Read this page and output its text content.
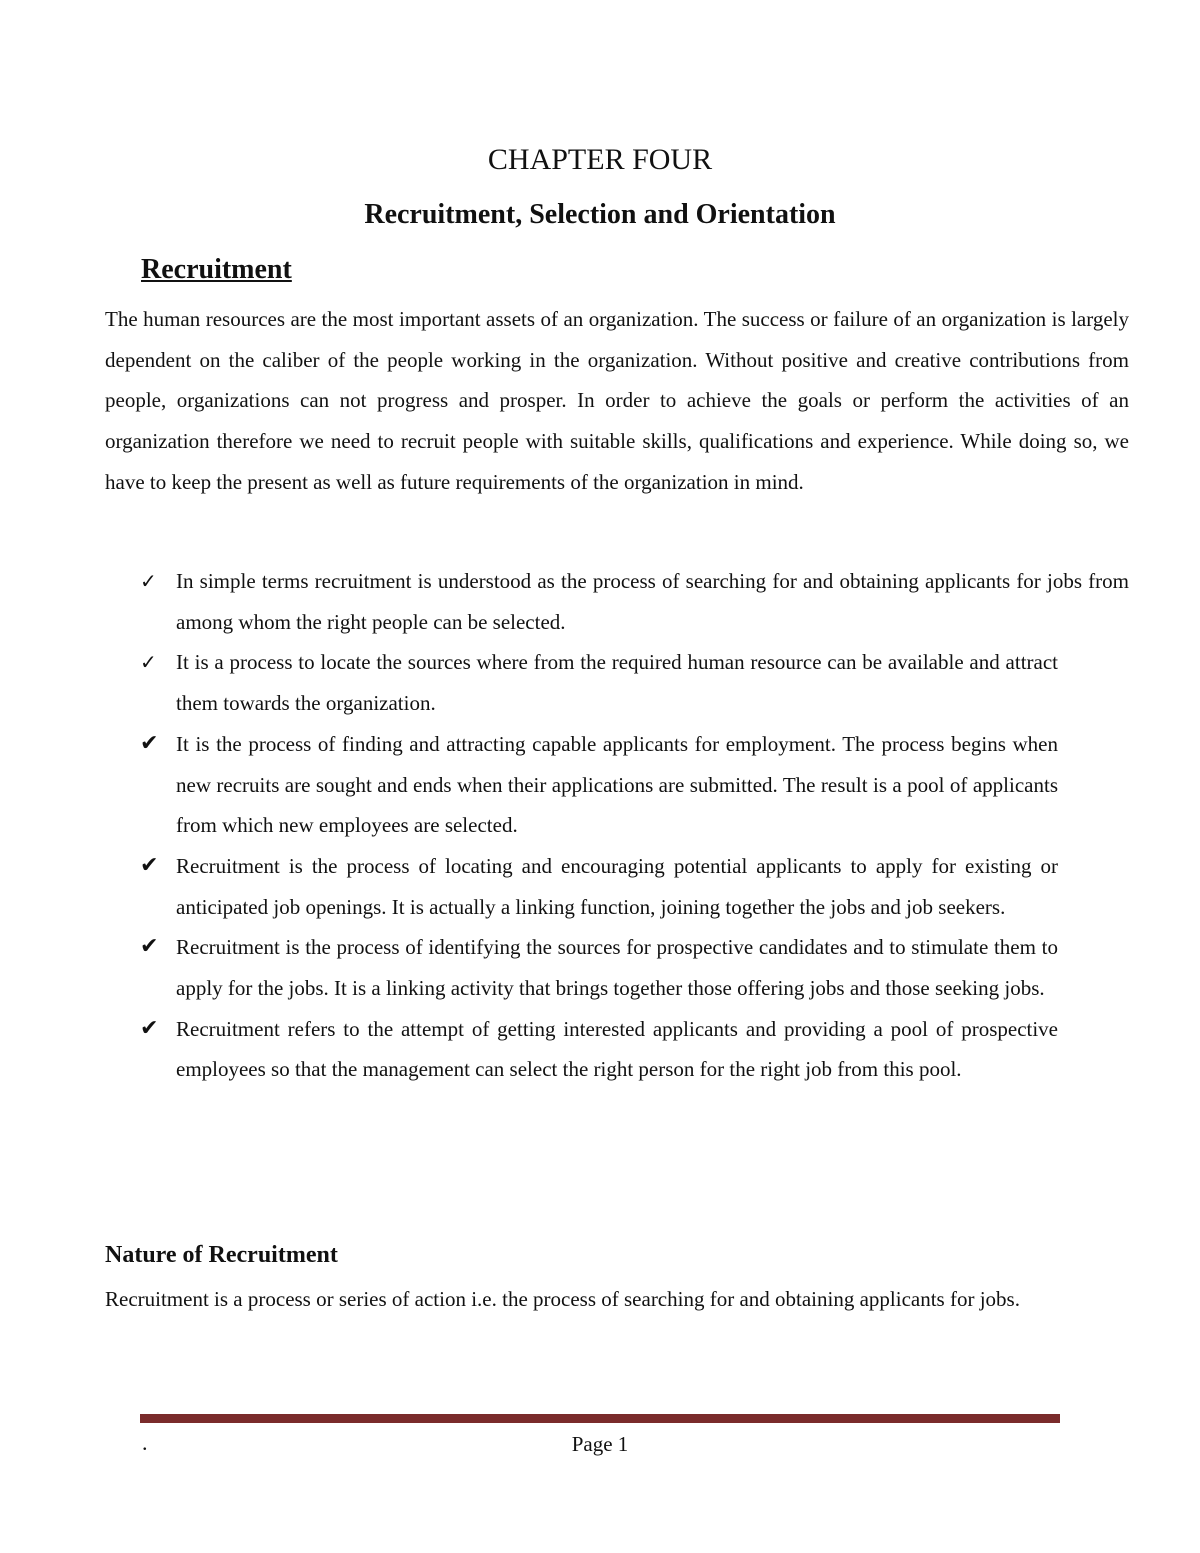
CHAPTER FOUR
Recruitment, Selection and Orientation
Recruitment

The human resources are the most important assets of an organization. The success or failure of an organization is largely dependent on the caliber of the people working in the organization. Without positive and creative contributions from people, organizations can not progress and prosper. In order to achieve the goals or perform the activities of an organization therefore we need to recruit people with suitable skills, qualifications and experience. While doing so, we have to keep the present as well as future requirements of the organization in mind.

✓ In simple terms recruitment is understood as the process of searching for and obtaining applicants for jobs from among whom the right people can be selected.
✓ It is a process to locate the sources where from the required human resource can be available and attract them towards the organization.
✔ It is the process of finding and attracting capable applicants for employment. The process begins when new recruits are sought and ends when their applications are submitted. The result is a pool of applicants from which new employees are selected.
✔ Recruitment is the process of locating and encouraging potential applicants to apply for existing or anticipated job openings. It is actually a linking function, joining together the jobs and job seekers.
✔ Recruitment is the process of identifying the sources for prospective candidates and to stimulate them to apply for the jobs. It is a linking activity that brings together those offering jobs and those seeking jobs.
✔ Recruitment refers to the attempt of getting interested applicants and providing a pool of prospective employees so that the management can select the right person for the right job from this pool.
Nature of Recruitment

Recruitment is a process or series of action i.e. the process of searching for and obtaining applicants for jobs.

.	Page 1
